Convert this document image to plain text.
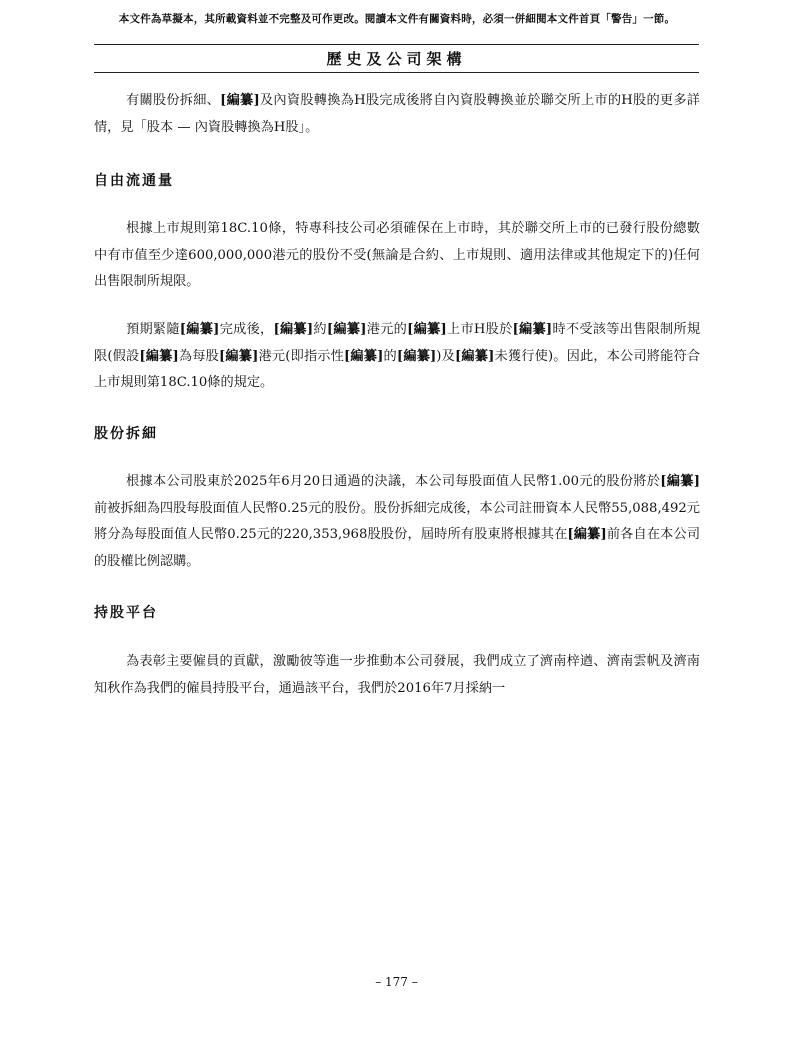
本文件為草擬本，其所載資料並不完整及可作更改。閱讀本文件有關資料時，必須一併細閱本文件首頁「警告」一節。
歷史及公司架構

有關股份拆細、[編纂]及內資股轉換為H股完成後將自內資股轉換並於聯交所上市的H股的更多詳情，見「股本 — 內資股轉換為H股」。

自由流通量

根據上市規則第18C.10條，特專科技公司必須確保在上市時，其於聯交所上市的已發行股份總數中有市值至少達600,000,000港元的股份不受(無論是合約、上市規則、適用法律或其他規定下的)任何出售限制所規限。

預期緊隨[編纂]完成後，[編纂]約[編纂]港元的[編纂]上市H股於[編纂]時不受該等出售限制所規限(假設[編纂]為每股[編纂]港元(即指示性[編纂]的[編纂])及[編纂]未獲行使)。因此，本公司將能符合上市規則第18C.10條的規定。

股份拆細

根據本公司股東於2025年6月20日通過的決議，本公司每股面值人民幣1.00元的股份將於[編纂]前被拆細為四股每股面值人民幣0.25元的股份。股份拆細完成後，本公司註冊資本人民幣55,088,492元將分為每股面值人民幣0.25元的220,353,968股股份，屆時所有股東將根據其在[編纂]前各自在本公司的股權比例認購。

持股平台

為表彰主要僱員的貢獻，激勵彼等進一步推動本公司發展，我們成立了濟南梓遒、濟南雲帆及濟南知秋作為我們的僱員持股平台，通過該平台，我們於2016年7月採納一

– 177 –
